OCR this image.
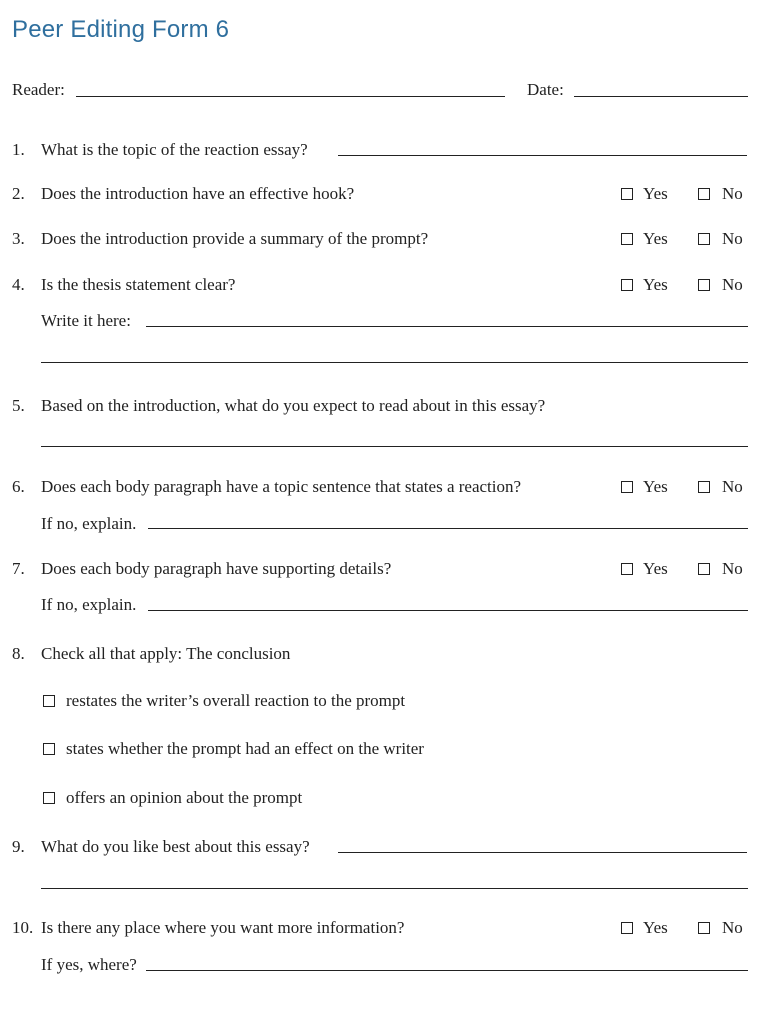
Peer Editing Form 6
Reader:	Date:
1. What is the topic of the reaction essay?
2. Does the introduction have an effective hook?	Yes	No
3. Does the introduction provide a summary of the prompt?	Yes	No
4. Is the thesis statement clear?	Yes	No
Write it here:
5. Based on the introduction, what do you expect to read about in this essay?
6. Does each body paragraph have a topic sentence that states a reaction?	Yes	No
If no, explain.
7. Does each body paragraph have supporting details?	Yes	No
If no, explain.
8. Check all that apply: The conclusion
restates the writer’s overall reaction to the prompt
states whether the prompt had an effect on the writer
offers an opinion about the prompt
9. What do you like best about this essay?
10. Is there any place where you want more information?	Yes	No
If yes, where?
